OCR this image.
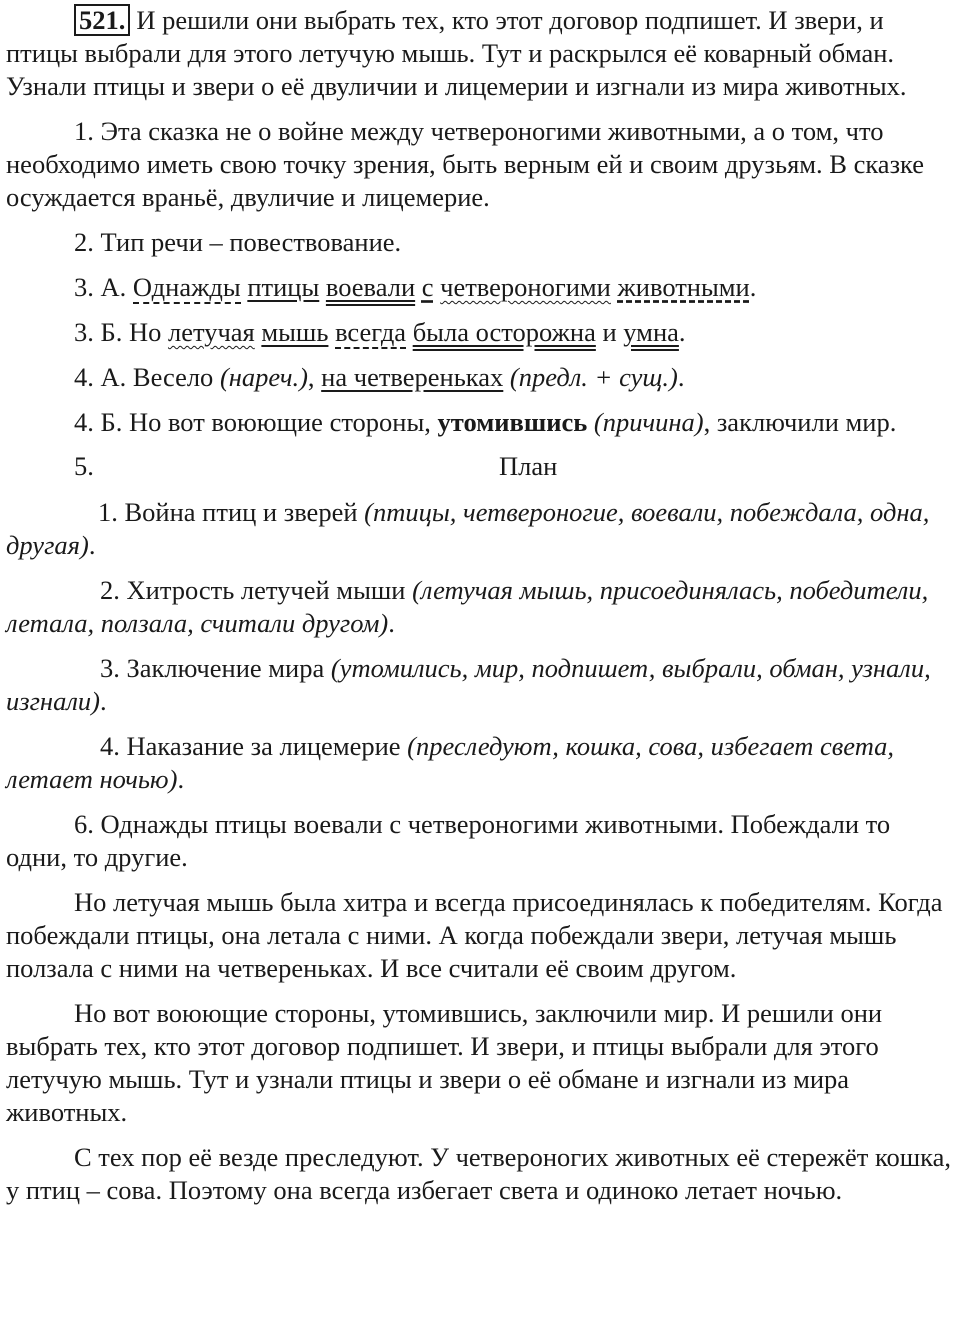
521. И решили они выбрать тех, кто этот договор подпишет. И звери, и птицы выбрали для этого летучую мышь. Тут и раскрылся её коварный обман. Узнали птицы и звери о её двуличии и лицемерии и изгнали из мира животных.

1. Эта сказка не о войне между четвероногими животными, а о том, что необходимо иметь свою точку зрения, быть верным ей и своим друзьям. В сказке осуждается враньё, двуличие и лицемерие.

2. Тип речи – повествование.

3. А. Однажды птицы воевали с четвероногими животными.

3. Б. Но летучая мышь всегда была осторожна и умна.

4. А. Весело (нареч.), на четвереньках (предл. + сущ.).

4. Б. Но вот воюющие стороны, утомившись (причина), заключили мир.

5.	План

1. Война птиц и зверей (птицы, четвероногие, воевали, побеждала, одна, другая).

2. Хитрость летучей мыши (летучая мышь, присоединялась, победители, летала, ползала, считали другом).

3. Заключение мира (утомились, мир, подпишет, выбрали, обман, узнали, изгнали).

4. Наказание за лицемерие (преследуют, кошка, сова, избегает света, летает ночью).

6. Однажды птицы воевали с четвероногими животными. Побеждали то одни, то другие.

Но летучая мышь была хитра и всегда присоединялась к победителям. Когда побеждали птицы, она летала с ними. А когда побеждали звери, летучая мышь ползала с ними на четвереньках. И все считали её своим другом.

Но вот воюющие стороны, утомившись, заключили мир. И решили они выбрать тех, кто этот договор подпишет. И звери, и птицы выбрали для этого летучую мышь. Тут и узнали птицы и звери о её обмане и изгнали из мира животных.

С тех пор её везде преследуют. У четвероногих животных её стережёт кошка, у птиц – сова. Поэтому она всегда избегает света и одиноко летает ночью.
